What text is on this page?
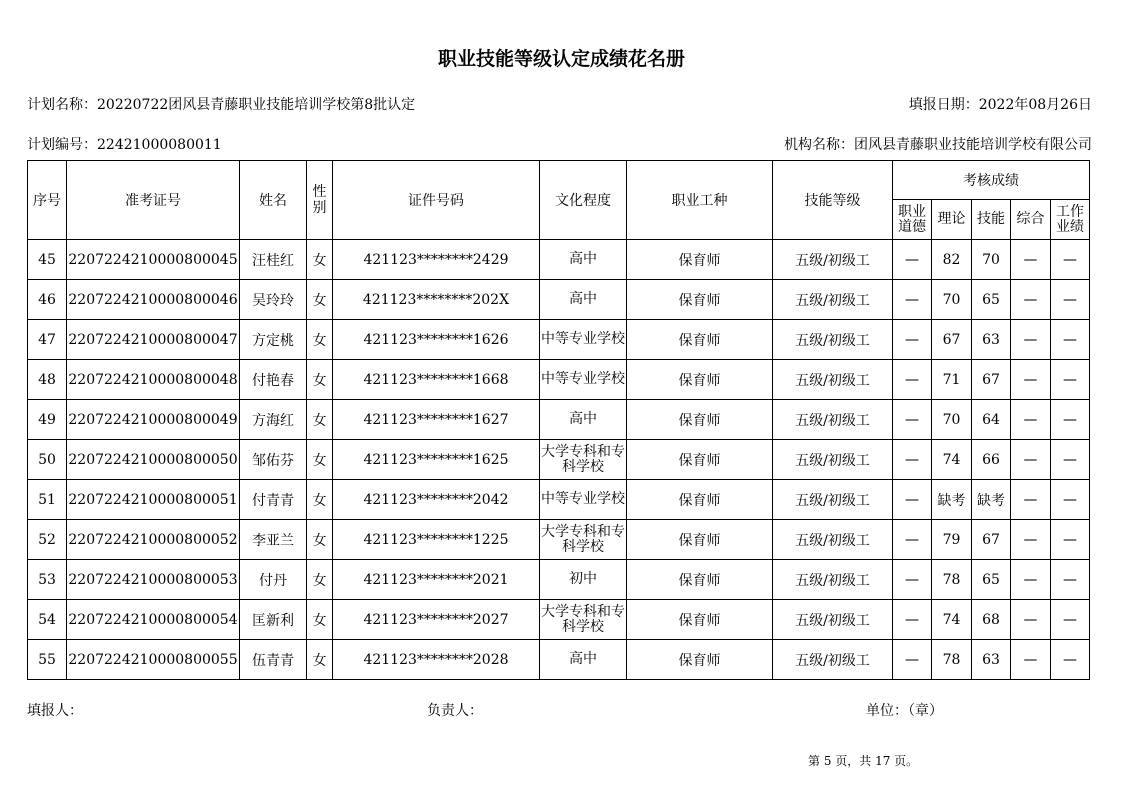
职业技能等级认定成绩花名册
计划名称：20220722团风县青藤职业技能培训学校第8批认定	填报日期：2022年08月26日
计划编号：22421000080011	机构名称：团风县青藤职业技能培训学校有限公司
序号	准考证号	姓名	性别	证件号码	文化程度	职业工种	技能等级	考核成绩				
								职业道德	理论	技能	综合	工作业绩
45	2207224210000800045	汪桂红	女	421123********2429	高中	保育师	五级/初级工	—	82	70	—	—
46	2207224210000800046	吴玲玲	女	421123********202X	高中	保育师	五级/初级工	—	70	65	—	—
47	2207224210000800047	方定桃	女	421123********1626	中等专业学校	保育师	五级/初级工	—	67	63	—	—
48	2207224210000800048	付艳春	女	421123********1668	中等专业学校	保育师	五级/初级工	—	71	67	—	—
49	2207224210000800049	方海红	女	421123********1627	高中	保育师	五级/初级工	—	70	64	—	—
50	2207224210000800050	邹佑芬	女	421123********1625	大学专科和专科学校	保育师	五级/初级工	—	74	66	—	—
51	2207224210000800051	付青青	女	421123********2042	中等专业学校	保育师	五级/初级工	—	缺考	缺考	—	—
52	2207224210000800052	李亚兰	女	421123********1225	大学专科和专科学校	保育师	五级/初级工	—	79	67	—	—
53	2207224210000800053	付丹	女	421123********2021	初中	保育师	五级/初级工	—	78	65	—	—
54	2207224210000800054	匡新利	女	421123********2027	大学专科和专科学校	保育师	五级/初级工	—	74	68	—	—
55	2207224210000800055	伍青青	女	421123********2028	高中	保育师	五级/初级工	—	78	63	—	—
填报人：	负责人：	单位：（章）
第 5 页，共 17 页。
